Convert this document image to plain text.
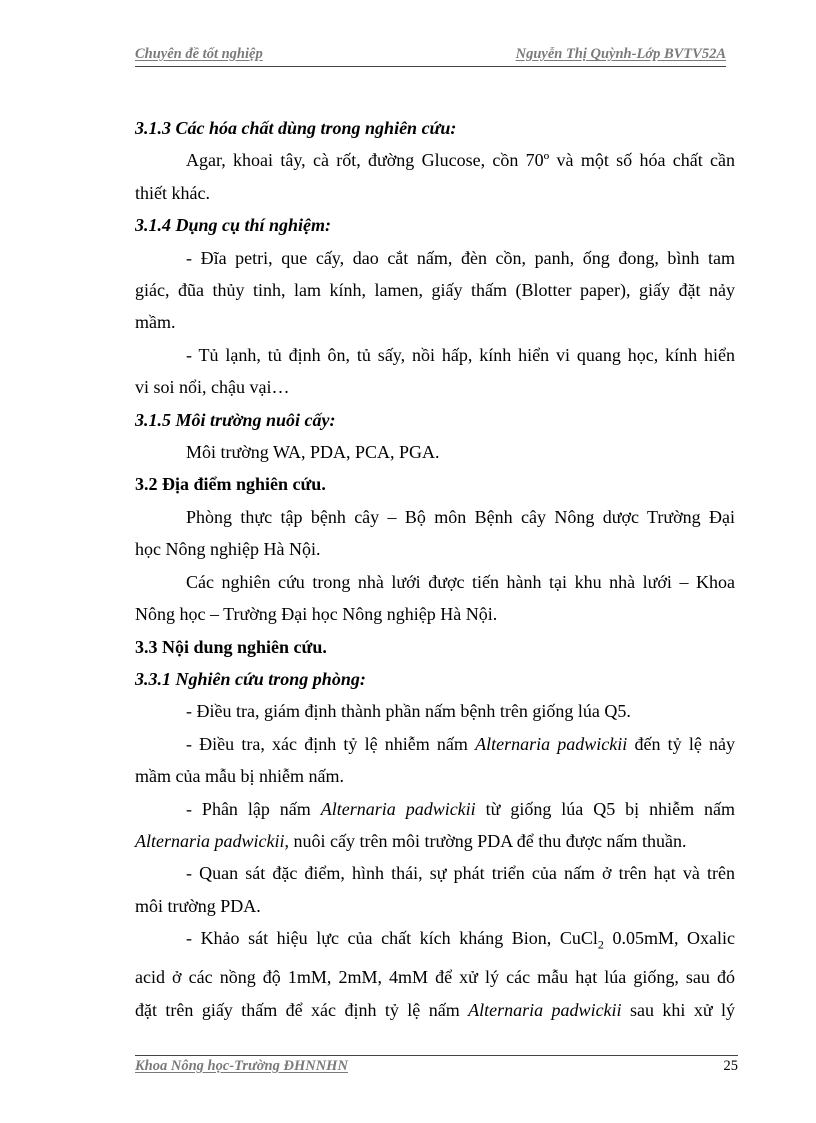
Chuyên đề tốt nghiệp	Nguyễn Thị Quỳnh-Lớp BVTV52A

3.1.3 Các hóa chất dùng trong nghiên cứu:

Agar, khoai tây, cà rốt, đường Glucose, cồn 70º và một số hóa chất cần

thiết khác.

3.1.4 Dụng cụ thí nghiệm:

- Đĩa petri, que cấy, dao cắt nấm, đèn cồn, panh, ống đong, bình tam

giác, đũa thủy tinh, lam kính, lamen, giấy thấm (Blotter paper), giấy đặt nảy

mầm.

- Tủ lạnh, tủ định ôn, tủ sấy, nồi hấp, kính hiển vi quang học, kính hiển

vi soi nổi, chậu vại…

3.1.5 Môi trường nuôi cấy:

Môi trường WA, PDA, PCA, PGA.

3.2 Địa điểm nghiên cứu.

Phòng thực tập bệnh cây – Bộ môn Bệnh cây Nông dược Trường Đại

học Nông nghiệp Hà Nội.

Các nghiên cứu trong nhà lưới được tiến hành tại khu nhà lưới – Khoa

Nông học – Trường Đại học Nông nghiệp Hà Nội.

3.3 Nội dung nghiên cứu.

3.3.1 Nghiên cứu trong phòng:

- Điều tra, giám định thành phần nấm bệnh trên giống lúa Q5.

- Điều tra, xác định tỷ lệ nhiễm nấm Alternaria padwickii đến tỷ lệ nảy

mầm của mẫu bị nhiễm nấm.

- Phân lập nấm Alternaria padwickii từ giống lúa Q5 bị nhiễm nấm

Alternaria padwickii, nuôi cấy trên môi trường PDA để thu được nấm thuần.

- Quan sát đặc điểm, hình thái, sự phát triển của nấm ở trên hạt và trên

môi trường PDA.

- Khảo sát hiệu lực của chất kích kháng Bion, CuCl$_2$ 0.05mM, Oxalic

acid ở các nồng độ 1mM, 2mM, 4mM để xử lý các mẫu hạt lúa giống, sau đó

đặt trên giấy thấm để xác định tỷ lệ nấm Alternaria padwickii sau khi xử lý

Khoa Nông học-Trường ĐHNNHN	25
